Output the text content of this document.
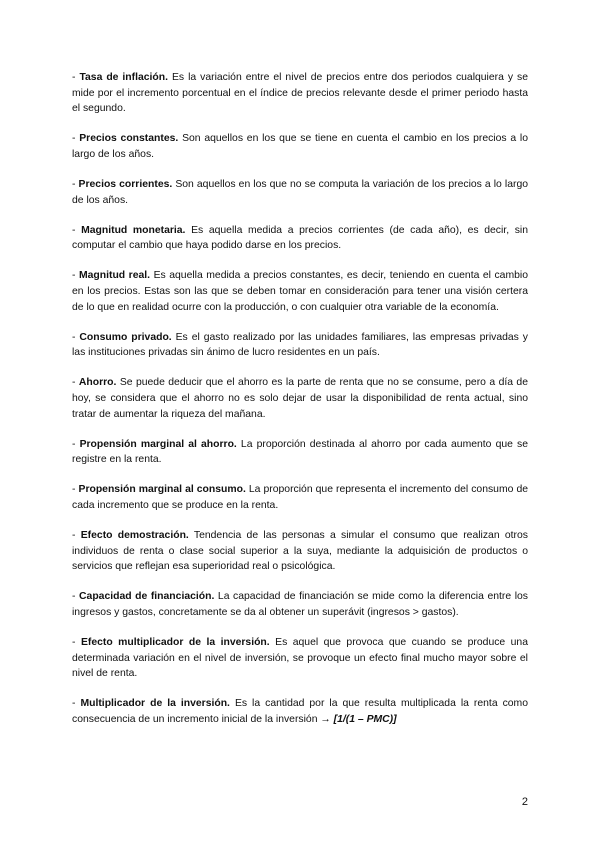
- Tasa de inflación. Es la variación entre el nivel de precios entre dos periodos cualquiera y se mide por el incremento porcentual en el índice de precios relevante desde el primer periodo hasta el segundo.

- Precios constantes. Son aquellos en los que se tiene en cuenta el cambio en los precios a lo largo de los años.

- Precios corrientes. Son aquellos en los que no se computa la variación de los precios a lo largo de los años.

- Magnitud monetaria. Es aquella medida a precios corrientes (de cada año), es decir, sin computar el cambio que haya podido darse en los precios.

- Magnitud real. Es aquella medida a precios constantes, es decir, teniendo en cuenta el cambio en los precios. Estas son las que se deben tomar en consideración para tener una visión certera de lo que en realidad ocurre con la producción, o con cualquier otra variable de la economía.

- Consumo privado. Es el gasto realizado por las unidades familiares, las empresas privadas y las instituciones privadas sin ánimo de lucro residentes en un país.

- Ahorro. Se puede deducir que el ahorro es la parte de renta que no se consume, pero a día de hoy, se considera que el ahorro no es solo dejar de usar la disponibilidad de renta actual, sino tratar de aumentar la riqueza del mañana.

- Propensión marginal al ahorro. La proporción destinada al ahorro por cada aumento que se registre en la renta.

- Propensión marginal al consumo. La proporción que representa el incremento del consumo de cada incremento que se produce en la renta.

- Efecto demostración. Tendencia de las personas a simular el consumo que realizan otros individuos de renta o clase social superior a la suya, mediante la adquisición de productos o servicios que reflejan esa superioridad real o psicológica.

- Capacidad de financiación. La capacidad de financiación se mide como la diferencia entre los ingresos y gastos, concretamente se da al obtener un superávit (ingresos > gastos).

- Efecto multiplicador de la inversión. Es aquel que provoca que cuando se produce una determinada variación en el nivel de inversión, se provoque un efecto final mucho mayor sobre el nivel de renta.

- Multiplicador de la inversión. Es la cantidad por la que resulta multiplicada la renta como consecuencia de un incremento inicial de la inversión → [1/(1 – PMC)]

2
